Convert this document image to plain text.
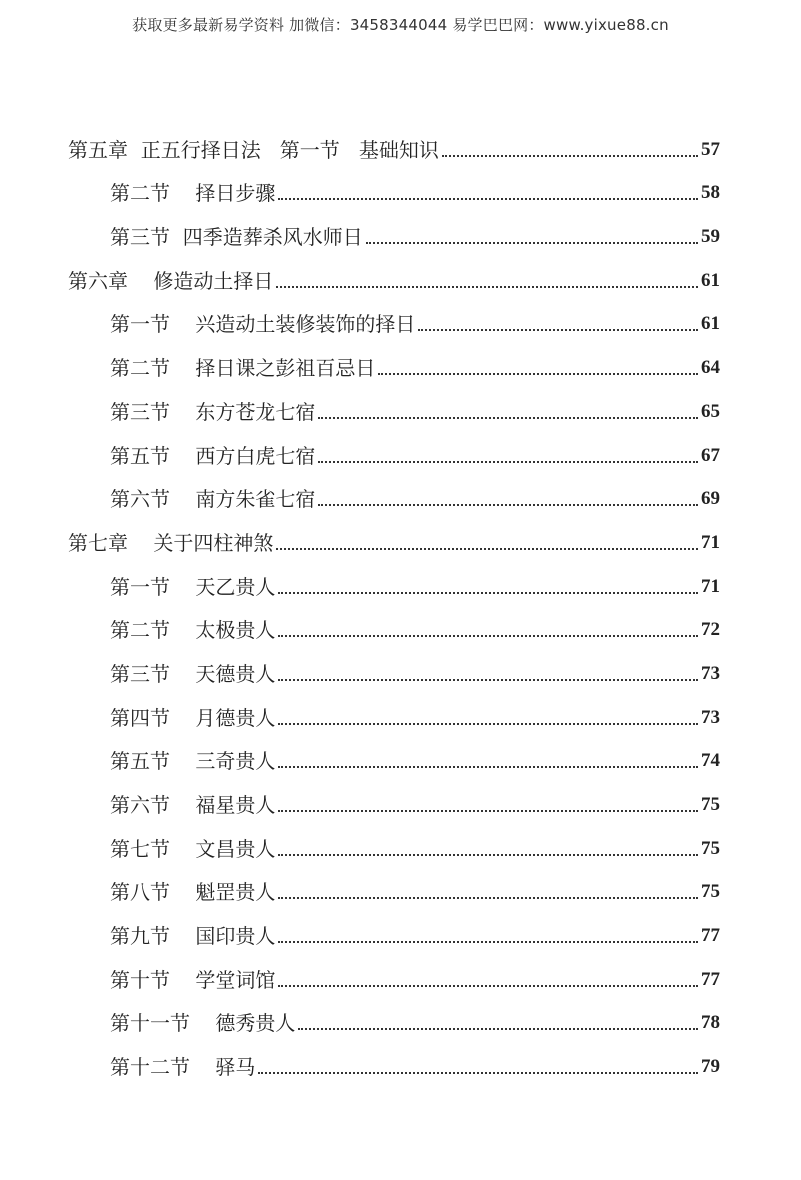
获取更多最新易学资料 加微信：3458344044 易学巴巴网：www.yixue88.cn
第五章  正五行择日法   第一节   基础知识	57
第二节    择日步骤	58
第三节  四季造葬杀风水师日	59
第六章    修造动土择日	61
第一节    兴造动土装修装饰的择日	61
第二节    择日课之彭祖百忌日	64
第三节    东方苍龙七宿	65
第五节    西方白虎七宿	67
第六节    南方朱雀七宿	69
第七章    关于四柱神煞	71
第一节    天乙贵人	71
第二节    太极贵人	72
第三节    天德贵人	73
第四节    月德贵人	73
第五节    三奇贵人	74
第六节    福星贵人	75
第七节    文昌贵人	75
第八节    魁罡贵人	75
第九节    国印贵人	77
第十节    学堂词馆	77
第十一节    德秀贵人	78
第十二节    驿马	79
